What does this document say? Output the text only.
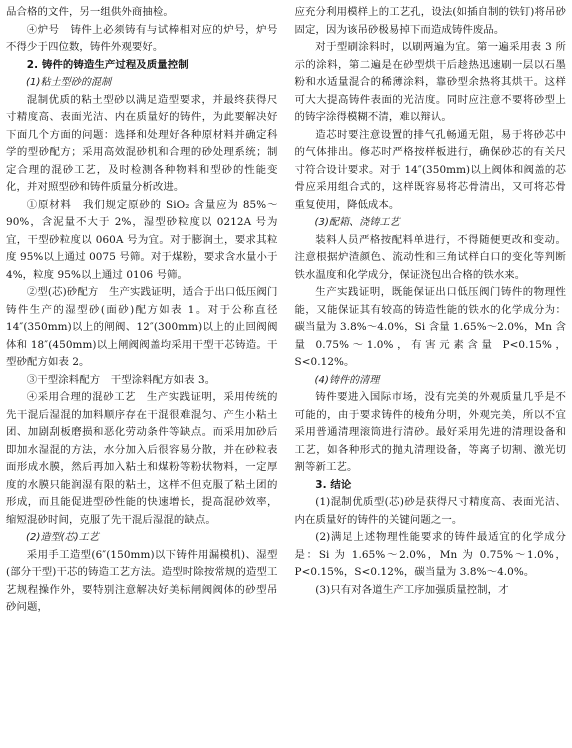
品合格的文件，另一组供外商抽检。

④炉号　铸件上必须铸有与试棒相对应的炉号，炉号不得少于四位数，铸件外观要好。

2. 铸件的铸造生产过程及质量控制

(1)粘土型砂的混制

混制优质的粘土型砂以满足造型要求，并最终获得尺寸精度高、表面光洁、内在质量好的铸件，为此要解决好下面几个方面的问题：选择和处理好各种原材料并确定科学的型砂配方；采用高效混砂机和合理的砂处理系统；制定合理的混砂工艺，及时检测各种物料和型砂的性能变化，并对照型砂和铸件质量分析改进。

①原材料　我们规定原砂的 SiO₂ 含量应为 85%～90%，含泥量不大于 2%，湿型砂粒度以 0212A 号为宜，干型砂粒度以 060A 号为宜。对于膨润土，要求其粒度 95%以上通过 0075 号筛。对于煤粉，要求含水量小于 4%，粒度 95%以上通过 0106 号筛。

②型(芯)砂配方　生产实践证明，适合于出口低压阀门铸件生产的湿型砂(面砂)配方如表 1。对于公称直径 14″(350mm)以上的闸阀、12″(300mm)以上的止回阀阀体和 18″(450mm)以上闸阀阀盖均采用干型干芯铸造。干型砂配方如表 2。

③干型涂料配方　干型涂料配方如表 3。

④采用合理的混砂工艺　生产实践证明，采用传统的先干混后湿混的加料顺序存在干混很难混匀、产生小粘土团、加剧刮板磨损和恶化劳动条件等缺点。而采用加砂后即加水湿混的方法，水分加入后很容易分散，并在砂粒表面形成水膜，然后再加入粘土和煤粉等粉状物料，一定厚度的水膜只能润湿有限的粘土，这样不但克服了粘土团的形成，而且能促进型砂性能的快速增长，提高混砂效率，缩短混砂时间，克服了先干混后湿混的缺点。

(2)造型(芯)工艺

采用手工造型(6″(150mm)以下铸件用漏模机)、湿型(部分干型)干芯的铸造工艺方法。造型时除按常规的造型工艺规程操作外，要特别注意解决好美标闸阀阀体的砂型吊砂问题，

应充分利用模样上的工艺孔，设法(如插自制的铁钉)将吊砂固定，因为该吊砂极易掉下而造成铸件废品。

对于型刷涂料时，以刷两遍为宜。第一遍采用表 3 所示的涂料，第二遍是在砂型烘干后趁热迅速刷一层以石墨粉和水适量混合的稀薄涂料，靠砂型余热将其烘干。这样可大大提高铸件表面的光洁度。同时应注意不要将砂型上的铸字涂得模糊不清，难以辩认。

造芯时要注意设置的排气孔畅通无阻，易于将砂芯中的气体排出。修芯时严格按样板进行，确保砂芯的有关尺寸符合设计要求。对于 14″(350mm)以上阀体和阀盖的芯骨应采用组合式的，这样既容易将芯骨清出，又可将芯骨重复使用，降低成本。

(3)配箱、浇铸工艺

装料人员严格按配料单进行，不得随便更改和变动。注意根据炉渣颜色、流动性和三角试样白口的变化等判断铁水温度和化学成分，保证浇包出合格的铁水来。

生产实践证明，既能保证出口低压阀门铸件的物理性能，又能保证其有较高的铸造性能的铁水的化学成分为：碳当量为 3.8%～4.0%，Si 含量 1.65%～2.0%，Mn 含量 0.75%～1.0%，有害元素含量 P<0.15%，S<0.12%。

(4)铸件的清理

铸件要进入国际市场，没有完美的外观质量几乎是不可能的，由于要求铸件的棱角分明，外观完美，所以不宜采用普通清理滚筒进行清砂。最好采用先进的清理设备和工艺，如各种形式的抛丸清理设备，等离子切割、激光切割等新工艺。

3. 结论

(1)混制优质型(芯)砂是获得尺寸精度高、表面光洁、内在质量好的铸件的关键问题之一。

(2)满足上述物理性能要求的铸件最适宜的化学成分是：Si 为 1.65%～2.0%，Mn 为 0.75%～1.0%，P<0.15%，S<0.12%，碳当量为 3.8%～4.0%。

(3)只有对各道生产工序加强质量控制，才
